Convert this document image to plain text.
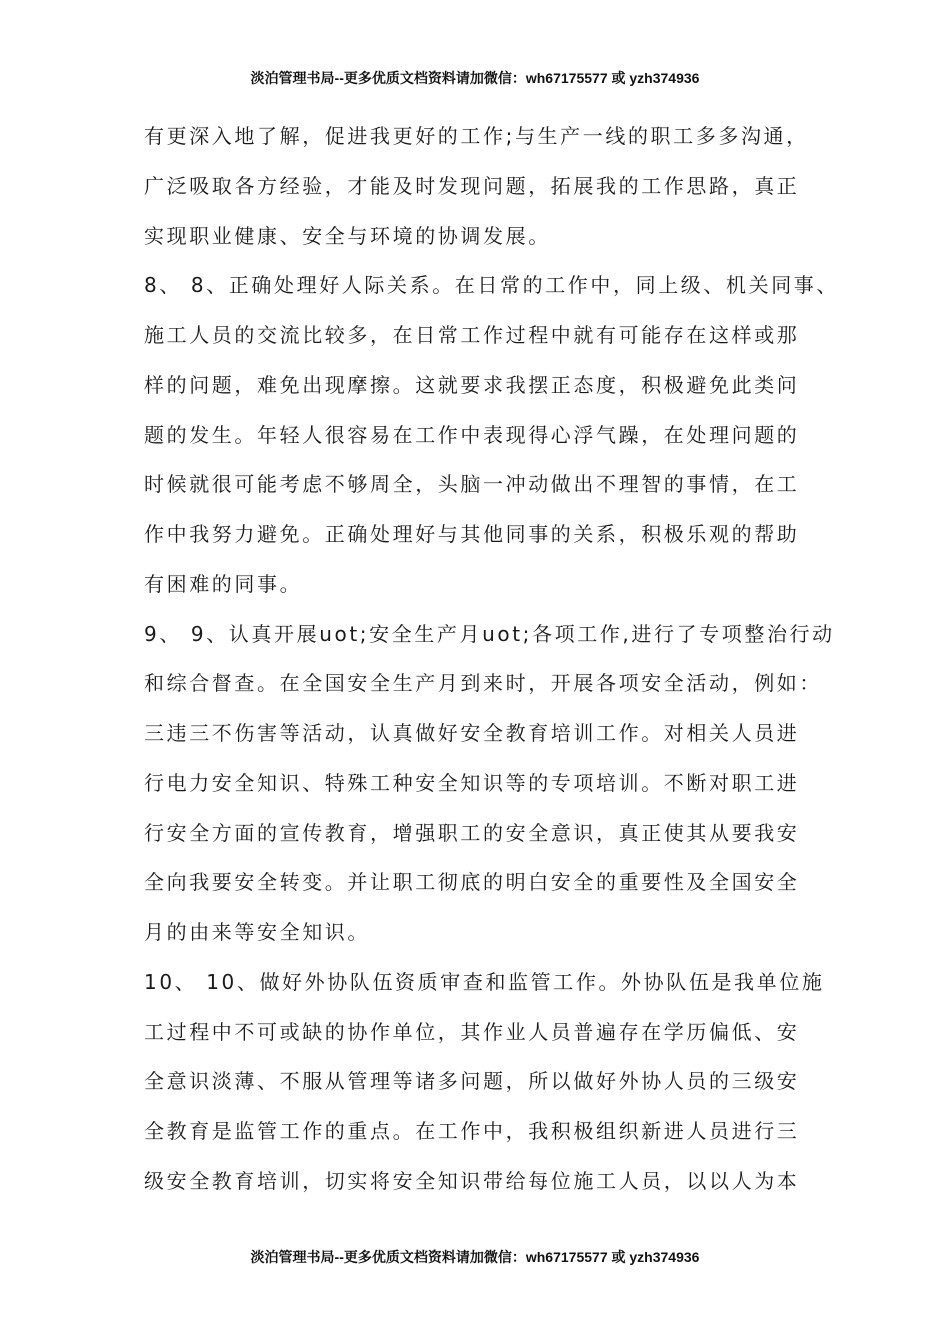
淡泊管理书局--更多优质文档资料请加微信：wh67175577 或 yzh374936
有更深入地了解，促进我更好的工作;与生产一线的职工多多沟通，
广泛吸取各方经验，才能及时发现问题，拓展我的工作思路，真正
实现职业健康、安全与环境的协调发展。
8、 8、正确处理好人际关系。在日常的工作中，同上级、机关同事、
施工人员的交流比较多，在日常工作过程中就有可能存在这样或那
样的问题，难免出现摩擦。这就要求我摆正态度，积极避免此类问
题的发生。年轻人很容易在工作中表现得心浮气躁，在处理问题的
时候就很可能考虑不够周全，头脑一冲动做出不理智的事情，在工
作中我努力避免。正确处理好与其他同事的关系，积极乐观的帮助
有困难的同事。
9、 9、认真开展uot;安全生产月uot;各项工作,进行了专项整治行动
和综合督查。在全国安全生产月到来时，开展各项安全活动，例如：
三违三不伤害等活动，认真做好安全教育培训工作。对相关人员进
行电力安全知识、特殊工种安全知识等的专项培训。不断对职工进
行安全方面的宣传教育，增强职工的安全意识，真正使其从要我安
全向我要安全转变。并让职工彻底的明白安全的重要性及全国安全
月的由来等安全知识。
10、 10、做好外协队伍资质审查和监管工作。外协队伍是我单位施
工过程中不可或缺的协作单位，其作业人员普遍存在学历偏低、安
全意识淡薄、不服从管理等诸多问题，所以做好外协人员的三级安
全教育是监管工作的重点。在工作中，我积极组织新进人员进行三
级安全教育培训，切实将安全知识带给每位施工人员，以以人为本
淡泊管理书局--更多优质文档资料请加微信：wh67175577 或 yzh374936
